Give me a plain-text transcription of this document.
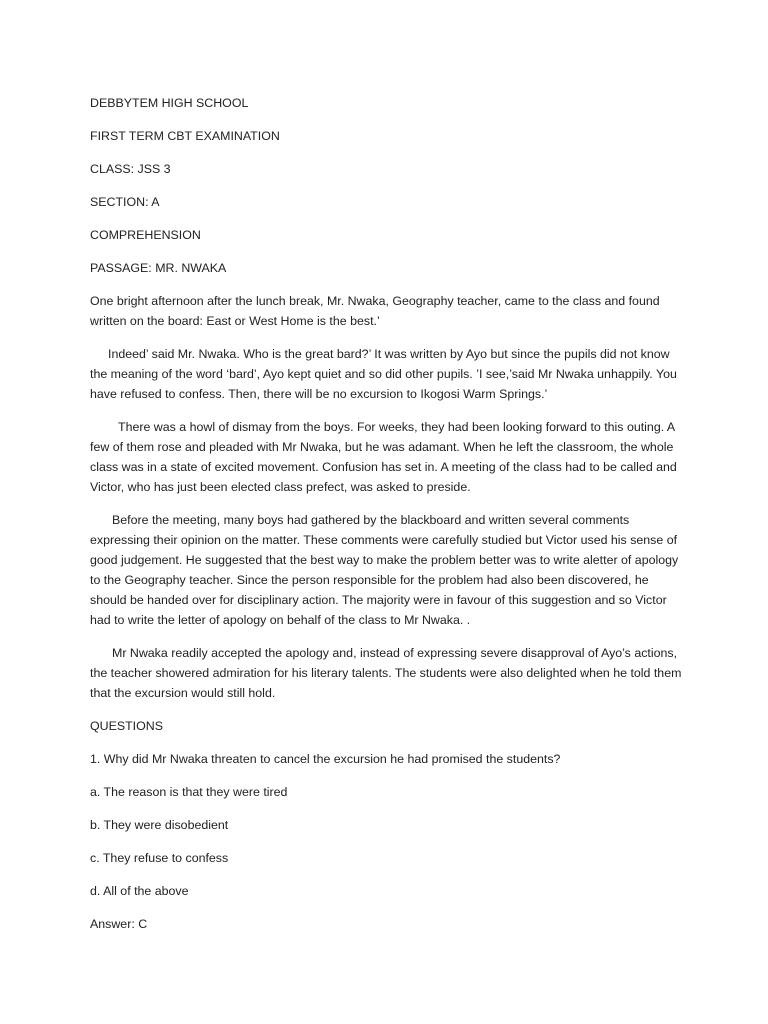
DEBBYTEM HIGH SCHOOL

FIRST TERM CBT EXAMINATION

CLASS: JSS 3

SECTION: A

COMPREHENSION

PASSAGE: MR. NWAKA

One bright afternoon after the lunch break, Mr. Nwaka, Geography teacher, came to the class and found written on the board: East or West Home is the best.’

Indeed’ said Mr. Nwaka. Who is the great bard?’ It was written by Ayo but since the pupils did not know the meaning of the word ‘bard’, Ayo kept quiet and so did other pupils. ’I see,’said Mr Nwaka unhappily. You have refused to confess. Then, there will be no excursion to Ikogosi Warm Springs.’

There was a howl of dismay from the boys. For weeks, they had been looking forward to this outing. A few of them rose and pleaded with Mr Nwaka, but he was adamant. When he left the classroom, the whole class was in a state of excited movement. Confusion has set in. A meeting of the class had to be called and Victor, who has just been elected class prefect, was asked to preside.

Before the meeting, many boys had gathered by the blackboard and written several comments expressing their opinion on the matter. These comments were carefully studied but Victor used his sense of good judgement. He suggested that the best way to make the problem better was to write aletter of apology to the Geography teacher. Since the person responsible for the problem had also been discovered, he should be handed over for disciplinary action. The majority were in favour of this suggestion and so Victor had to write the letter of apology on behalf of the class to Mr Nwaka. .

Mr Nwaka readily accepted the apology and, instead of expressing severe disapproval of Ayo’s actions, the teacher showered admiration for his literary talents. The students were also delighted when he told them that the excursion would still hold.

QUESTIONS

1. Why did Mr Nwaka threaten to cancel the excursion he had promised the students?

a. The reason is that they were tired

b. They were disobedient

c. They refuse to confess

d. All of the above

Answer: C
